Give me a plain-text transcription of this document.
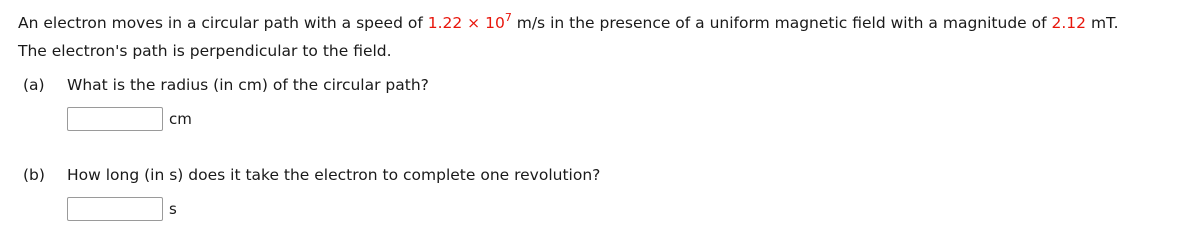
An electron moves in a circular path with a speed of $1.22 \times 10^7$ m/s in the presence of a uniform magnetic field with a magnitude of 2.12 mT.
The electron's path is perpendicular to the field.
(a) What is the radius (in cm) of the circular path?
cm
(b) How long (in s) does it take the electron to complete one revolution?
s
